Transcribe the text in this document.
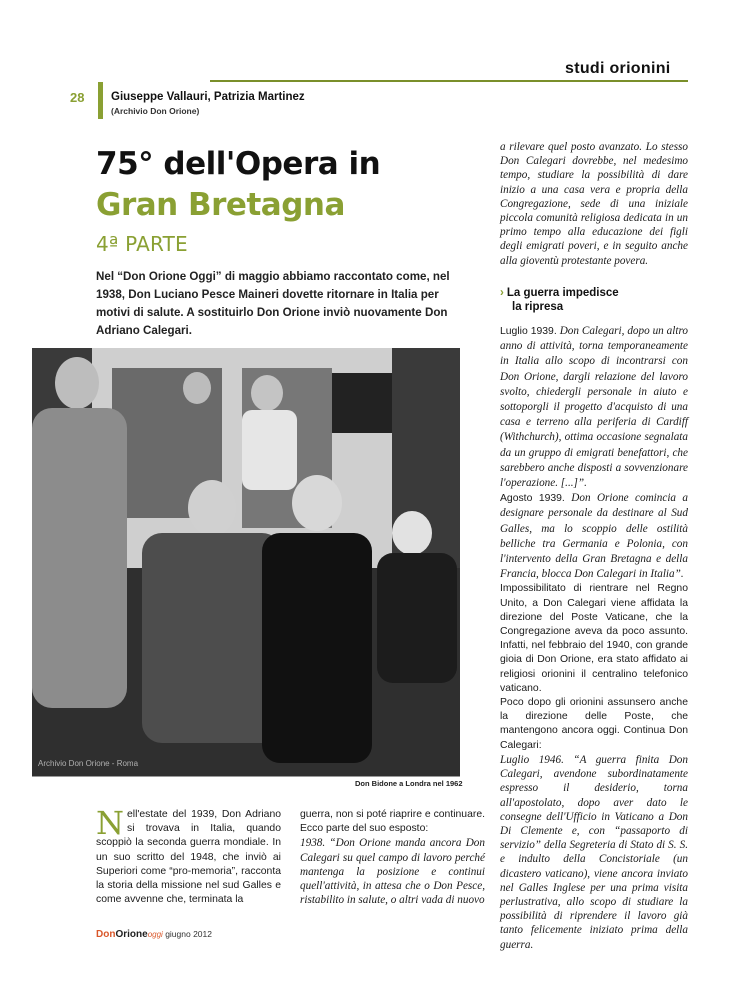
studi orionini
28 Giuseppe Vallauri, Patrizia Martinez
(Archivio Don Orione)
75° dell'Opera in
Gran Bretagna
4ª PARTE
Nel “Don Orione Oggi” di maggio abbiamo raccontato come, nel 1938, Don Luciano Pesce Maineri dovette ritornare in Italia per motivi di salute. A sostituirlo Don Orione inviò nuovamente Don Adriano Calegari.
Archivio Don Orione - Roma
Don Bidone a Londra nel 1962

a rilevare quel posto avanzato. Lo stesso Don Calegari dovrebbe, nel medesimo tempo, studiare la possibilità di dare inizio a una casa vera e propria della Congregazione, sede di una iniziale piccola comunità religiosa dedicata in un primo tempo alla educazione dei figli degli emigrati poveri, e in seguito anche alla gioventù protestante povera.

› La guerra impedisce
la ripresa

Luglio 1939. Don Calegari, dopo un altro anno di attività, torna temporaneamente in Italia allo scopo di incontrarsi con Don Orione, dargli relazione del lavoro svolto, chiedergli personale in aiuto e sottoporgli il progetto d'acquisto di una casa e terreno alla periferia di Cardiff (Withchurch), ottima occasione segnalata da un gruppo di emigrati benefattori, che sarebbero anche disposti a sovvenzionare l'operazione. [...]”.

Agosto 1939. Don Orione comincia a designare personale da destinare al Sud Galles, ma lo scoppio delle ostilità belliche tra Germania e Polonia, con l'intervento della Gran Bretagna e della Francia, blocca Don Calegari in Italia”.

Impossibilitato di rientrare nel Regno Unito, a Don Calegari viene affidata la direzione del Poste Vaticane, che la Congregazione aveva da poco assunto. Infatti, nel febbraio del 1940, con grande gioia di Don Orione, era stato affidato ai religiosi orionini il centralino telefonico vaticano.

Poco dopo gli orionini assunsero anche la direzione delle Poste, che mantengono ancora oggi. Continua Don Calegari:

Luglio 1946. “A guerra finita Don Calegari, avendone subordinatamente espresso il desiderio, torna all'apostolato, dopo aver dato le consegne dell'Ufficio in Vaticano a Don Di Clemente e, con “passaporto di servizio” della Segreteria di Stato di S. S. e indulto della Concistoriale (un dicastero vaticano), viene ancora inviato nel Galles Inglese per una prima visita perlustrativa, allo scopo di studiare la possibilità di riprendere il lavoro già tanto felicemente iniziato prima della guerra.

Nell'estate del 1939, Don Adriano si trovava in Italia, quando scoppiò la seconda guerra mondiale. In un suo scritto del 1948, che inviò ai Superiori come “pro-memoria”, racconta la storia della missione nel sud Galles e come avvenne che, terminata la

guerra, non si poté riaprire e continuare. Ecco parte del suo esposto:

1938. “Don Orione manda ancora Don Calegari su quel campo di lavoro perché mantenga la posizione e continui quell'attività, in attesa che o Don Pesce, ristabilito in salute, o altri vada di nuovo

DonOrioneoggi giugno 2012
